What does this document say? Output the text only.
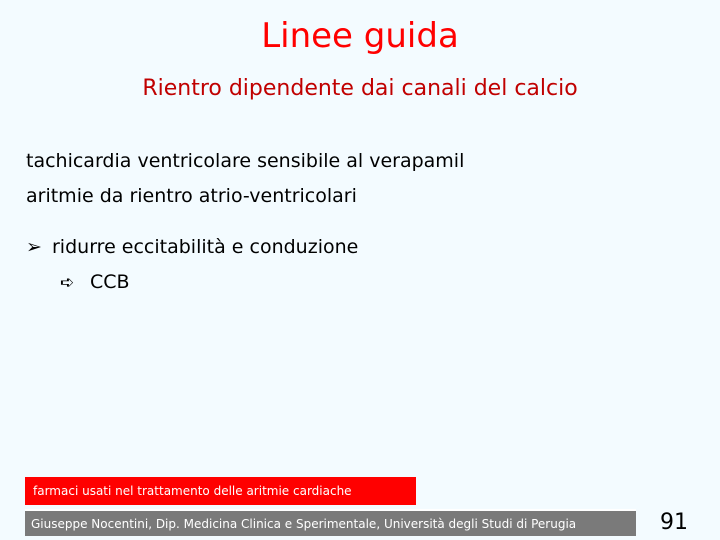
Linee guida
Rientro dipendente dai canali del calcio
tachicardia ventricolare sensibile al verapamil
aritmie da rientro atrio-ventricolari
➢ ridurre eccitabilità e conduzione
➪ CCB
farmaci usati nel trattamento delle aritmie cardiache
Giuseppe Nocentini, Dip. Medicina Clinica e Sperimentale, Università degli Studi di Perugia	91
